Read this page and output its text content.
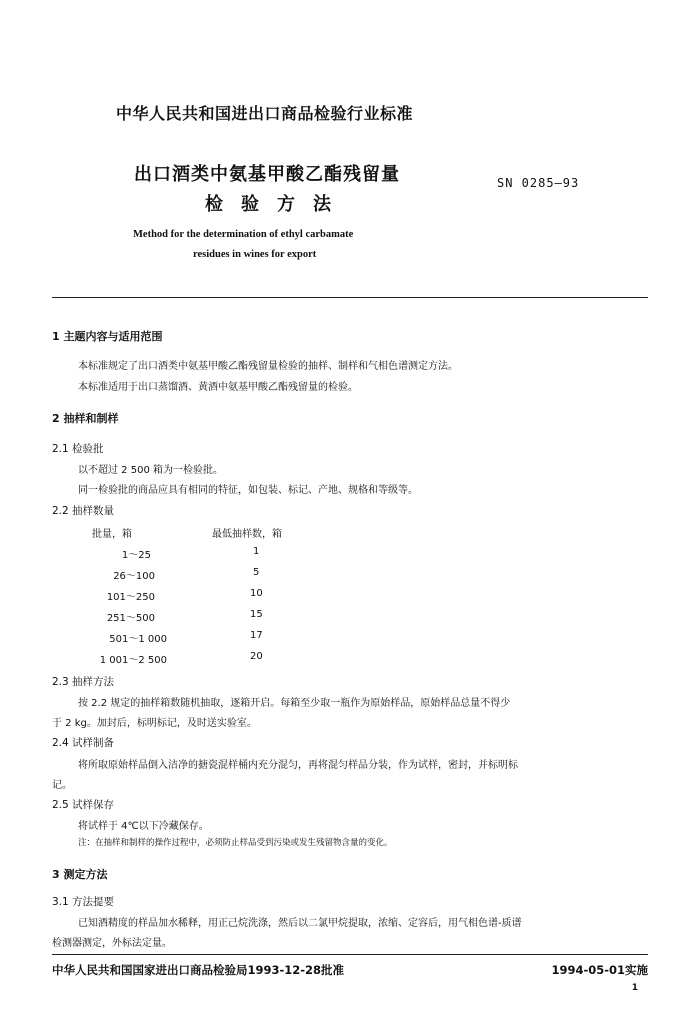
中华人民共和国进出口商品检验行业标准
出口酒类中氨基甲酸乙酯残留量
检验方法
SN 0285—93
Method for the determination of ethyl carbamate
residues in wines for export
1 主题内容与适用范围
本标准规定了出口酒类中氨基甲酸乙酯残留量检验的抽样、制样和气相色谱测定方法。
本标准适用于出口蒸馏酒、黄酒中氨基甲酸乙酯残留量的检验。
2 抽样和制样
2.1 检验批
以不超过 2 500 箱为一检验批。
同一检验批的商品应具有相同的特征，如包装、标记、产地、规格和等级等。
2.2 抽样数量
批量，箱	最低抽样数，箱
1～25	1
26～100	5
101～250	10
251～500	15
501～1 000	17
1 001～2 500	20
2.3 抽样方法
按 2.2 规定的抽样箱数随机抽取，逐箱开启。每箱至少取一瓶作为原始样品，原始样品总量不得少
于 2 kg。加封后，标明标记，及时送实验室。
2.4 试样制备
将所取原始样品倒入洁净的搪瓷混样桶内充分混匀，再将混匀样品分装，作为试样，密封，并标明标
记。
2.5 试样保存
将试样于 4℃以下冷藏保存。
注：在抽样和制样的操作过程中，必须防止样品受到污染或发生残留物含量的变化。
3 测定方法
3.1 方法提要
已知酒精度的样品加水稀释，用正己烷洗涤，然后以二氯甲烷提取，浓缩、定容后，用气相色谱-质谱
检测器测定，外标法定量。
中华人民共和国国家进出口商品检验局1993-12-28批准	1994-05-01实施
1
